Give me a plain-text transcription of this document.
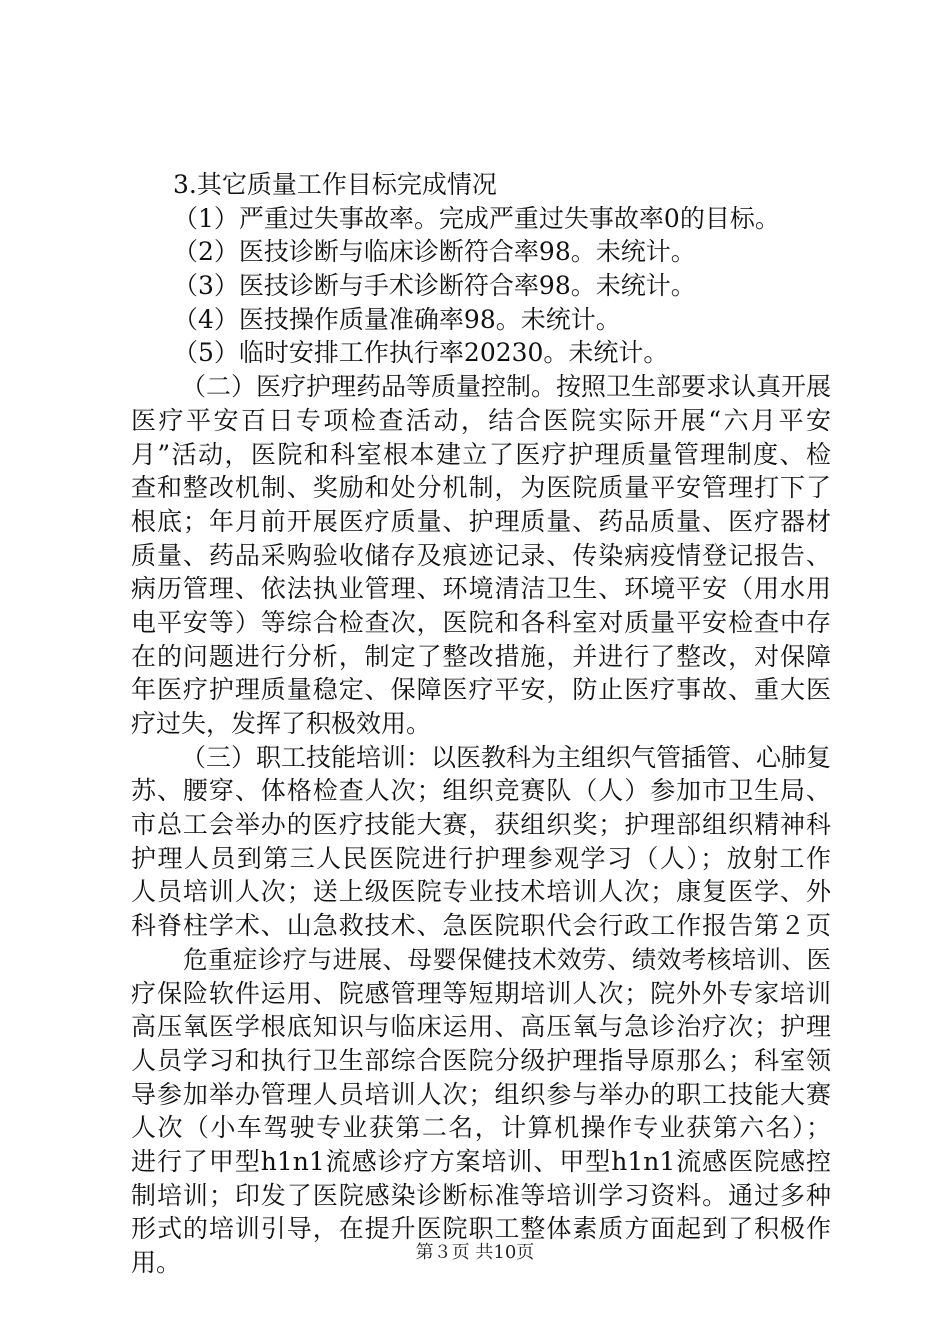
3.其它质量工作目标完成情况
（1）严重过失事故率。完成严重过失事故率0的目标。
（2）医技诊断与临床诊断符合率98。未统计。
（3）医技诊断与手术诊断符合率98。未统计。
（4）医技操作质量准确率98。未统计。
（5）临时安排工作执行率20230。未统计。
（二）医疗护理药品等质量控制。按照卫生部要求认真开展
医疗平安百日专项检查活动，结合医院实际开展“六月平安
月”活动，医院和科室根本建立了医疗护理质量管理制度、检
查和整改机制、奖励和处分机制，为医院质量平安管理打下了
根底；年月前开展医疗质量、护理质量、药品质量、医疗器材
质量、药品采购验收储存及痕迹记录、传染病疫情登记报告、
病历管理、依法执业管理、环境清洁卫生、环境平安（用水用
电平安等）等综合检查次，医院和各科室对质量平安检查中存
在的问题进行分析，制定了整改措施，并进行了整改，对保障
年医疗护理质量稳定、保障医疗平安，防止医疗事故、重大医
疗过失，发挥了积极效用。
（三）职工技能培训：以医教科为主组织气管插管、心肺复
苏、腰穿、体格检查人次；组织竞赛队（人）参加市卫生局、
市总工会举办的医疗技能大赛，获组织奖；护理部组织精神科
护理人员到第三人民医院进行护理参观学习（人）；放射工作
人员培训人次；送上级医院专业技术培训人次；康复医学、外
科脊柱学术、山急救技术、急医院职代会行政工作报告第２页
危重症诊疗与进展、母婴保健技术效劳、绩效考核培训、医
疗保险软件运用、院感管理等短期培训人次；院外外专家培训
高压氧医学根底知识与临床运用、高压氧与急诊治疗次；护理
人员学习和执行卫生部综合医院分级护理指导原那么；科室领
导参加举办管理人员培训人次；组织参与举办的职工技能大赛
人次（小车驾驶专业获第二名，计算机操作专业获第六名）；
进行了甲型h1n1流感诊疗方案培训、甲型h1n1流感医院感控
制培训；印发了医院感染诊断标准等培训学习资料。通过多种
形式的培训引导，在提升医院职工整体素质方面起到了积极作
用。	第３页 共10页
